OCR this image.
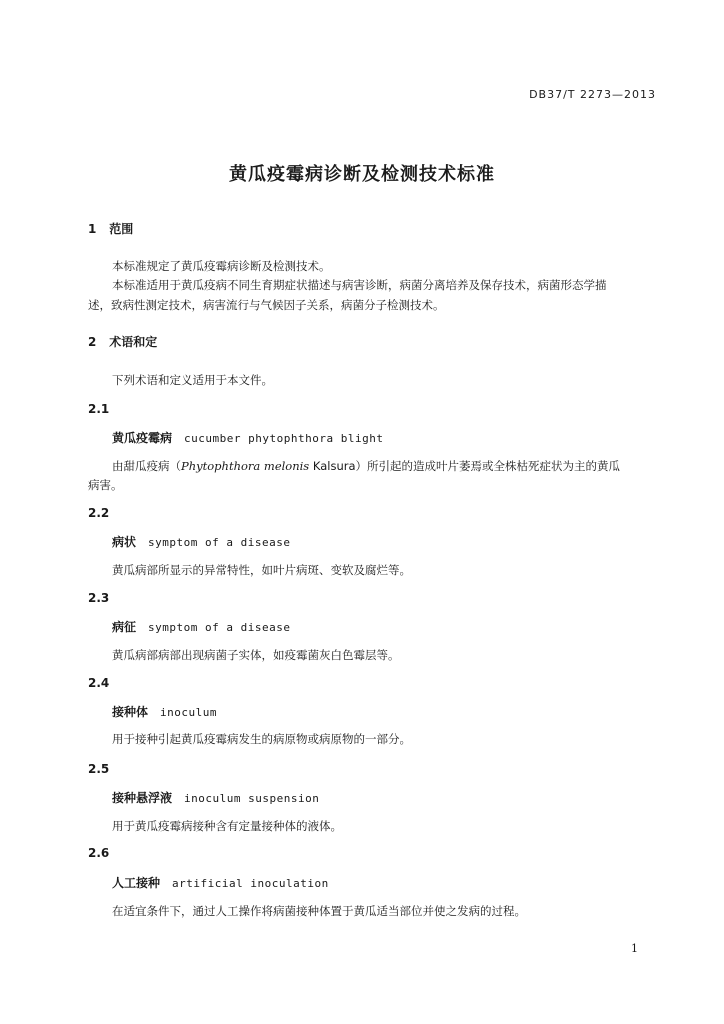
DB37/T 2273—2013
黄瓜疫霉病诊断及检测技术标准
1 范围
本标准规定了黄瓜疫霉病诊断及检测技术。
本标准适用于黄瓜疫病不同生育期症状描述与病害诊断，病菌分离培养及保存技术，病菌形态学描
述，致病性测定技术，病害流行与气候因子关系，病菌分子检测技术。
2 术语和定
下列术语和定义适用于本文件。
2.1
黄瓜疫霉病 cucumber phytophthora blight
由甜瓜疫病（Phytophthora melonis Kalsura）所引起的造成叶片萎焉或全株枯死症状为主的黄瓜
病害。
2.2
病状 symptom of a disease
黄瓜病部所显示的异常特性，如叶片病斑、变软及腐烂等。
2.3
病征 symptom of a disease
黄瓜病部病部出现病菌子实体，如疫霉菌灰白色霉层等。
2.4
接种体 inoculum
用于接种引起黄瓜疫霉病发生的病原物或病原物的一部分。
2.5
接种悬浮液 inoculum suspension
用于黄瓜疫霉病接种含有定量接种体的液体。
2.6
人工接种 artificial inoculation
在适宜条件下，通过人工操作将病菌接种体置于黄瓜适当部位并使之发病的过程。
1
